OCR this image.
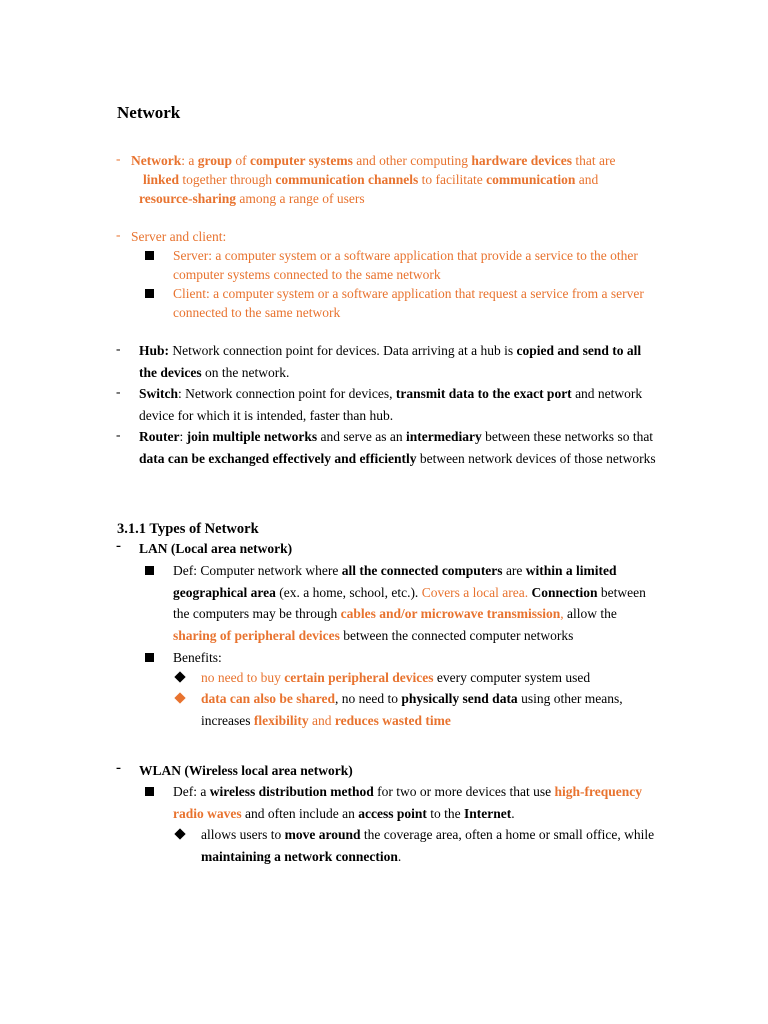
Network
- Network: a group of computer systems and other computing hardware devices that are
linked together through communication channels to facilitate communication and
resource-sharing among a range of users
- Server and client:
Server: a computer system or a software application that provide a service to the other computer systems connected to the same network
Client: a computer system or a software application that request a service from a server connected to the same network
- Hub: Network connection point for devices. Data arriving at a hub is copied and send to all the devices on the network.
- Switch: Network connection point for devices, transmit data to the exact port and network device for which it is intended, faster than hub.
- Router: join multiple networks and serve as an intermediary between these networks so that data can be exchanged effectively and efficiently between network devices of those networks
3.1.1 Types of Network
- LAN (Local area network)
Def: Computer network where all the connected computers are within a limited geographical area (ex. a home, school, etc.). Covers a local area. Connection between the computers may be through cables and/or microwave transmission, allow the sharing of peripheral devices between the connected computer networks
Benefits:
no need to buy certain peripheral devices every computer system used
data can also be shared, no need to physically send data using other means, increases flexibility and reduces wasted time
- WLAN (Wireless local area network)
Def: a wireless distribution method for two or more devices that use high-frequency radio waves and often include an access point to the Internet.
allows users to move around the coverage area, often a home or small office, while maintaining a network connection.
